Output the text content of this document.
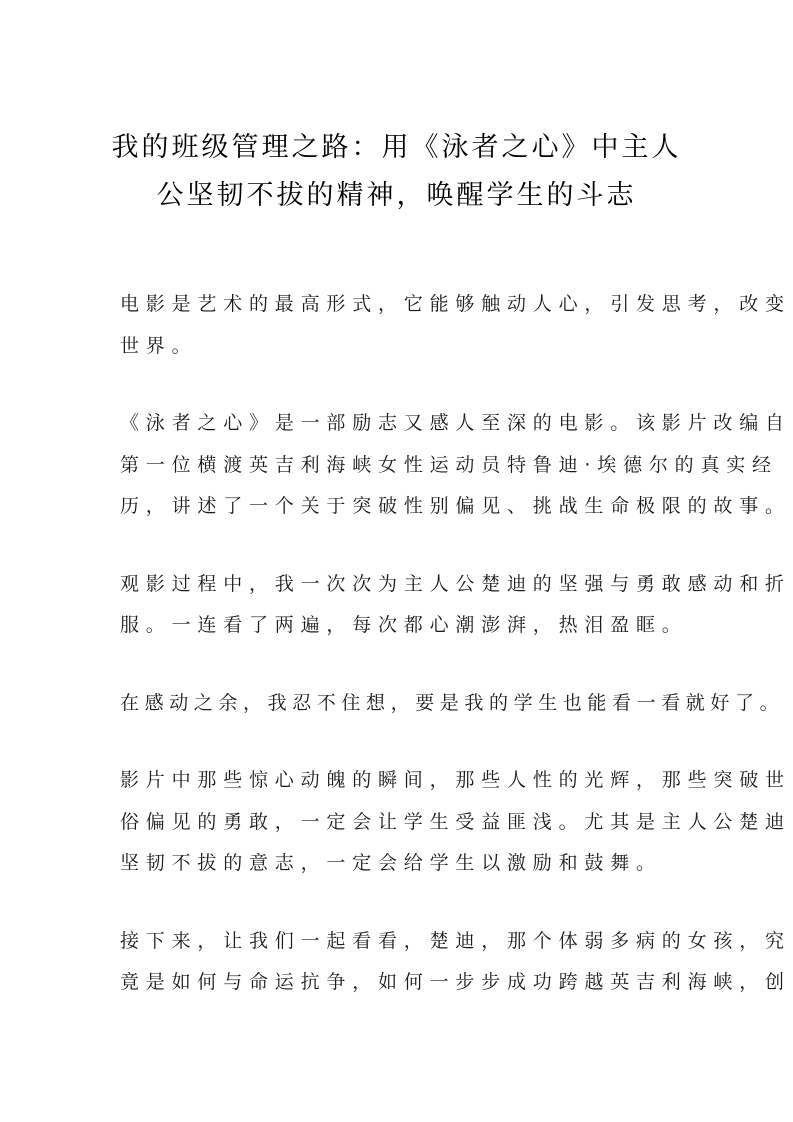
我的班级管理之路：用《泳者之心》中主人
公坚韧不拔的精神，唤醒学生的斗志

电影是艺术的最高形式，它能够触动人心，引发思考，改变
世界。

《泳者之心》是一部励志又感人至深的电影。该影片改编自
第一位横渡英吉利海峡女性运动员特鲁迪·埃德尔的真实经
历，讲述了一个关于突破性别偏见、挑战生命极限的故事。

观影过程中，我一次次为主人公楚迪的坚强与勇敢感动和折
服。一连看了两遍，每次都心潮澎湃，热泪盈眶。

在感动之余，我忍不住想，要是我的学生也能看一看就好了。

影片中那些惊心动魄的瞬间，那些人性的光辉，那些突破世
俗偏见的勇敢，一定会让学生受益匪浅。尤其是主人公楚迪
坚韧不拔的意志，一定会给学生以激励和鼓舞。

接下来，让我们一起看看，楚迪，那个体弱多病的女孩，究
竟是如何与命运抗争，如何一步步成功跨越英吉利海峡，创
